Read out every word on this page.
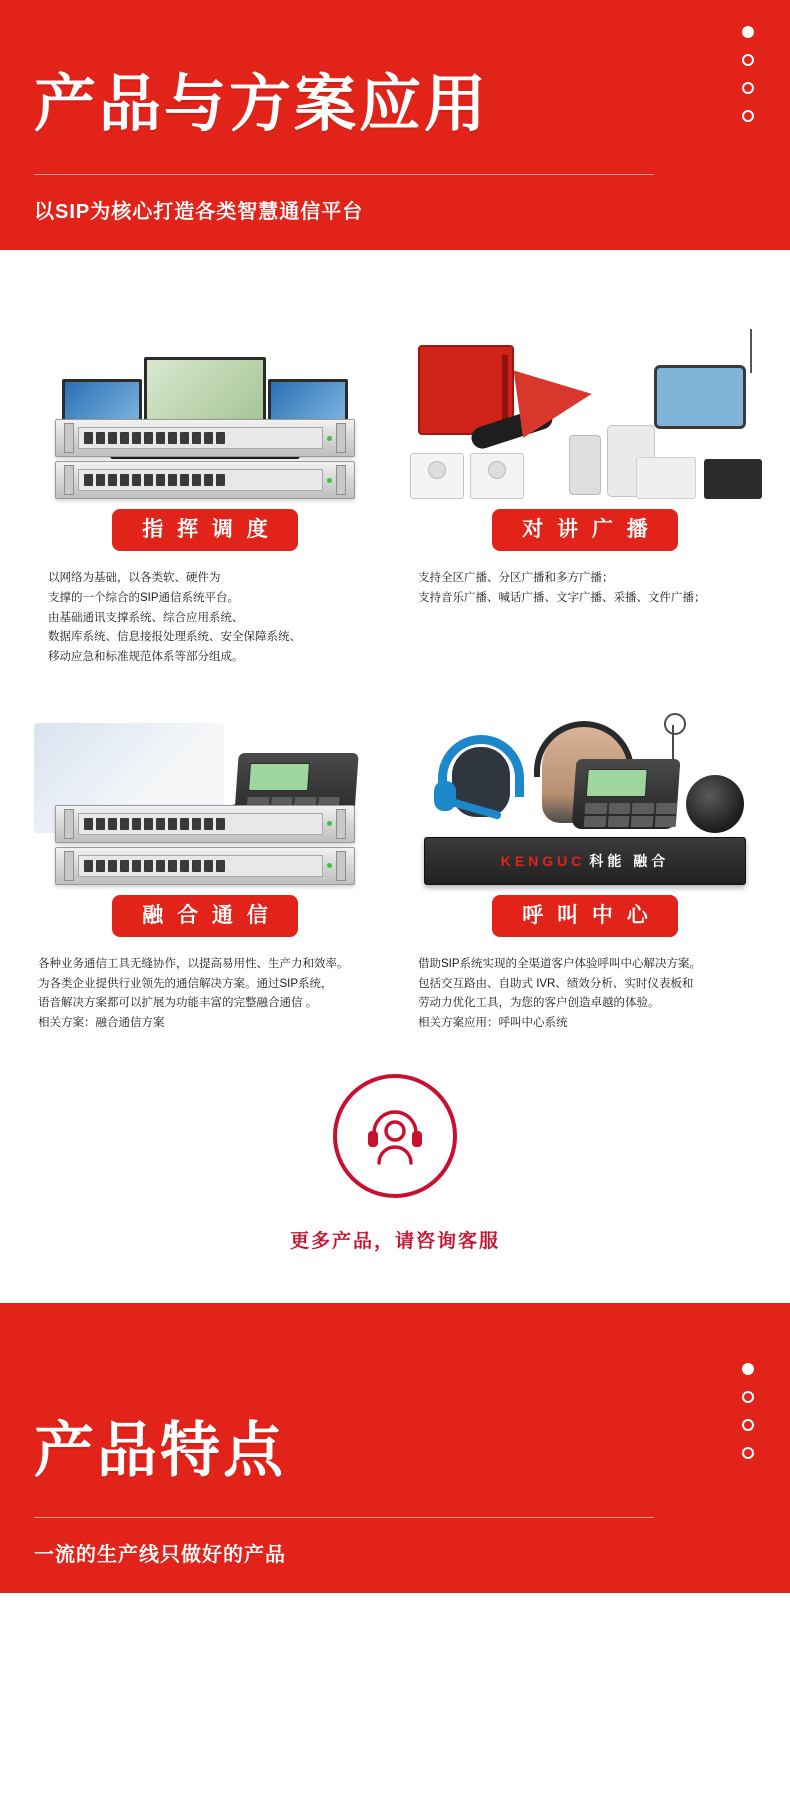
产品与方案应用

以SIP为核心打造各类智慧通信平台

指 挥 调 度

以网络为基础，以各类软、硬件为

支撑的一个综合的SIP通信系统平台。

由基础通讯支撑系统、综合应用系统、

数据库系统、信息接报处理系统、安全保障系统、

移动应急和标准规范体系等部分组成。

对 讲 广 播

支持全区广播、分区广播和多方广播；

支持音乐广播、喊话广播、文字广播、采播、文件广播；

融 合 通 信

各种业务通信工具无缝协作，以提高易用性、生产力和效率。

为各类企业提供行业领先的通信解决方案。通过SIP系统，

语音解决方案都可以扩展为功能丰富的完整融合通信 。

相关方案：融合通信方案

KENGUC 科能 融合
呼 叫 中 心

借助SIP系统实现的全渠道客户体验呼叫中心解决方案。

包括交互路由、自助式 IVR、绩效分析、实时仪表板和

劳动力优化工具，为您的客户创造卓越的体验。

相关方案应用：呼叫中心系统

更多产品，请咨询客服
产品特点

一流的生产线只做好的产品
